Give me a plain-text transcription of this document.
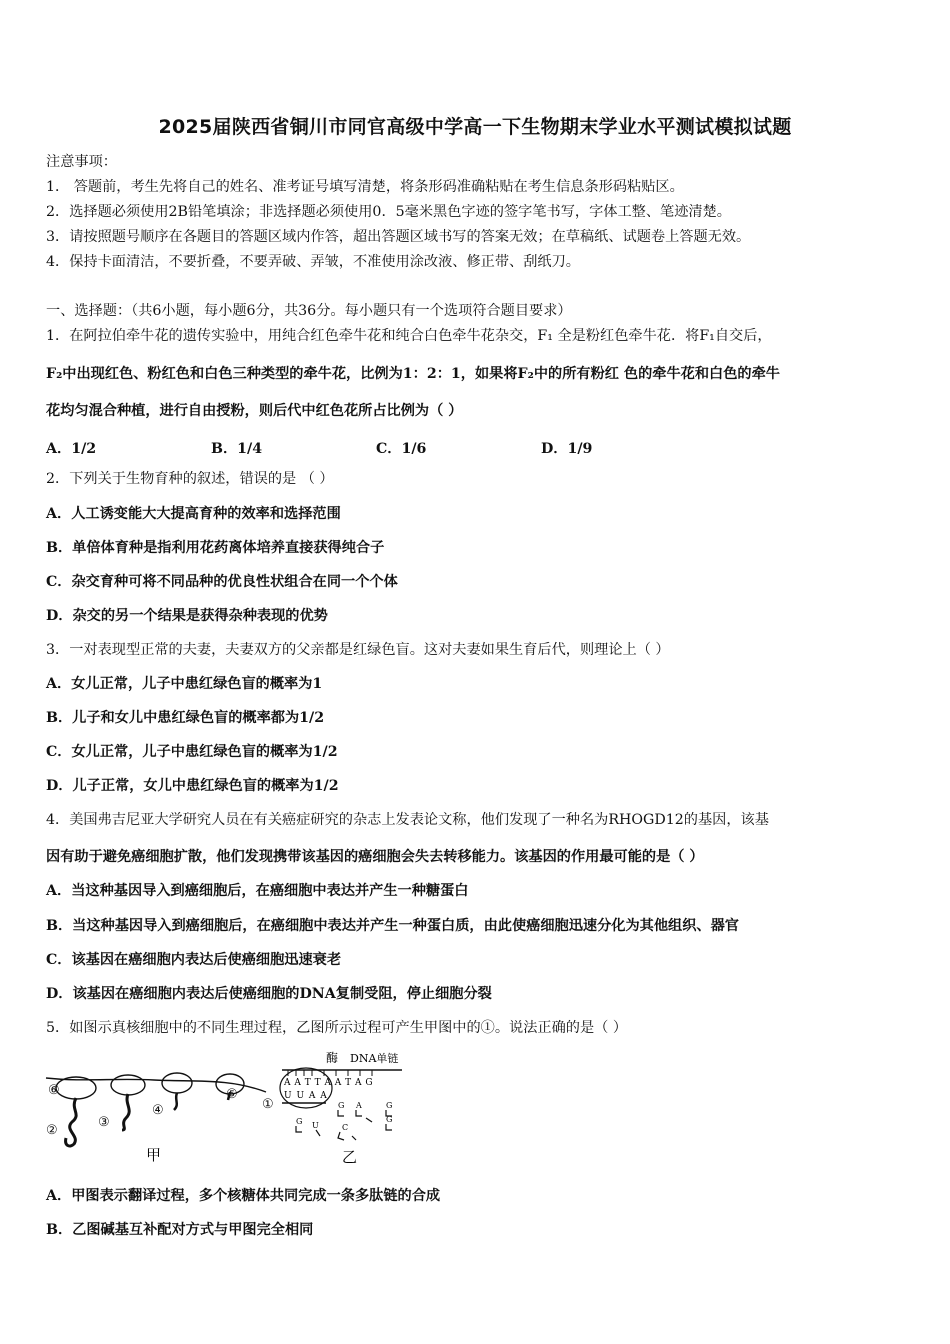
2025届陕西省铜川市同官高级中学高一下生物期末学业水平测试模拟试题
注意事项：
1． 答题前，考生先将自己的姓名、准考证号填写清楚，将条形码准确粘贴在考生信息条形码粘贴区。
2．选择题必须使用2B铅笔填涂；非选择题必须使用0．5毫米黑色字迹的签字笔书写，字体工整、笔迹清楚。
3．请按照题号顺序在各题目的答题区域内作答，超出答题区域书写的答案无效；在草稿纸、试题卷上答题无效。
4．保持卡面清洁，不要折叠，不要弄破、弄皱，不准使用涂改液、修正带、刮纸刀。
一、选择题：（共6小题，每小题6分，共36分。每小题只有一个选项符合题目要求）
1．在阿拉伯牵牛花的遗传实验中，用纯合红色牵牛花和纯合白色牵牛花杂交，F₁ 全是粉红色牵牛花．将F₁自交后，
F₂中出现红色、粉红色和白色三种类型的牵牛花，比例为1：2：1，如果将F₂中的所有粉红 色的牵牛花和白色的牵牛
花均匀混合种植，进行自由授粉，则后代中红色花所占比例为（ ）
A．1/2	B．1/4	C．1/6	D．1/9
2．下列关于生物育种的叙述，错误的是 （ ）
A．人工诱变能大大提高育种的效率和选择范围
B．单倍体育种是指利用花药离体培养直接获得纯合子
C．杂交育种可将不同品种的优良性状组合在同一个个体
D．杂交的另一个结果是获得杂种表现的优势
3．一对表现型正常的夫妻，夫妻双方的父亲都是红绿色盲。这对夫妻如果生育后代，则理论上（ ）
A．女儿正常，儿子中患红绿色盲的概率为1
B．儿子和女儿中患红绿色盲的概率都为1/2
C．女儿正常，儿子中患红绿色盲的概率为1/2
D．儿子正常，女儿中患红绿色盲的概率为1/2
4．美国弗吉尼亚大学研究人员在有关癌症研究的杂志上发表论文称，他们发现了一种名为RHOGD12的基因，该基
因有助于避免癌细胞扩散，他们发现携带该基因的癌细胞会失去转移能力。该基因的作用最可能的是（ ）
A．当这种基因导入到癌细胞后，在癌细胞中表达并产生一种糖蛋白
B．当这种基因导入到癌细胞后，在癌细胞中表达并产生一种蛋白质，由此使癌细胞迅速分化为其他组织、器官
C．该基因在癌细胞内表达后使癌细胞迅速衰老
D．该基因在癌细胞内表达后使癌细胞的DNA复制受阻，停止细胞分裂
5．如图示真核细胞中的不同生理过程，乙图所示过程可产生甲图中的①。说法正确的是（ ）
⑥
②
③
④
⑤
①
甲
酶 DNA单链
A A T T A A T A G
U U A A
G A	G
U
G
C
G
乙
A．甲图表示翻译过程，多个核糖体共同完成一条多肽链的合成
B．乙图碱基互补配对方式与甲图完全相同
